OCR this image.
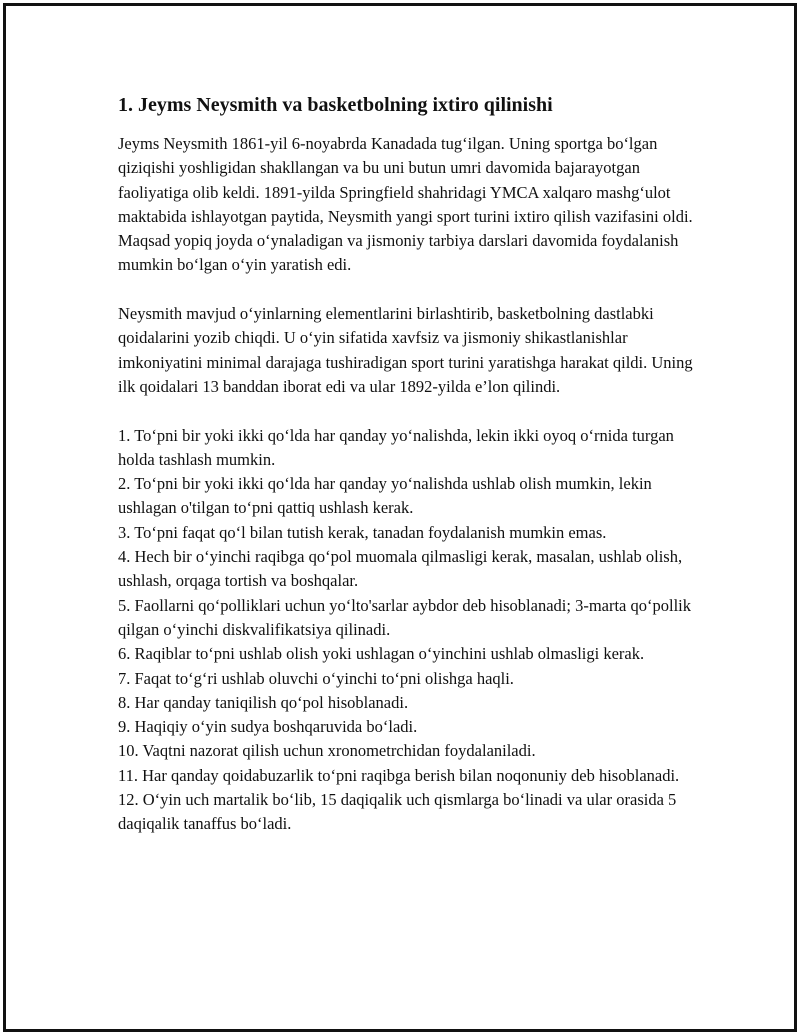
1. Jeyms Neysmith va basketbolning ixtiro qilinishi

Jeyms Neysmith 1861-yil 6-noyabrda Kanadada tug‘ilgan. Uning sportga bo‘lgan qiziqishi yoshligidan shakllangan va bu uni butun umri davomida bajarayotgan faoliyatiga olib keldi. 1891-yilda Springfield shahridagi YMCA xalqaro mashg‘ulot maktabida ishlayotgan paytida, Neysmith yangi sport turini ixtiro qilish vazifasini oldi. Maqsad yopiq joyda o‘ynaladigan va jismoniy tarbiya darslari davomida foydalanish mumkin bo‘lgan o‘yin yaratish edi.

Neysmith mavjud o‘yinlarning elementlarini birlashtirib, basketbolning dastlabki qoidalarini yozib chiqdi. U o‘yin sifatida xavfsiz va jismoniy shikastlanishlar imkoniyatini minimal darajaga tushiradigan sport turini yaratishga harakat qildi. Uning ilk qoidalari 13 banddan iborat edi va ular 1892-yilda e’lon qilindi.

1. To‘pni bir yoki ikki qo‘lda har qanday yo‘nalishda, lekin ikki oyoq o‘rnida turgan holda tashlash mumkin.
2. To‘pni bir yoki ikki qo‘lda har qanday yo‘nalishda ushlab olish mumkin, lekin ushlagan o'tilgan to‘pni qattiq ushlash kerak.
3. To‘pni faqat qo‘l bilan tutish kerak, tanadan foydalanish mumkin emas.
4. Hech bir o‘yinchi raqibga qo‘pol muomala qilmasligi kerak, masalan, ushlab olish, ushlash, orqaga tortish va boshqalar.
5. Faollarni qo‘polliklari uchun yo‘lto'sarlar aybdor deb hisoblanadi; 3-marta qo‘pollik qilgan o‘yinchi diskvalifikatsiya qilinadi.
6. Raqiblar to‘pni ushlab olish yoki ushlagan o‘yinchini ushlab olmasligi kerak.
7. Faqat to‘g‘ri ushlab oluvchi o‘yinchi to‘pni olishga haqli.
8. Har qanday taniqilish qo‘pol hisoblanadi.
9. Haqiqiy o‘yin sudya boshqaruvida bo‘ladi.
10. Vaqtni nazorat qilish uchun xronometrchidan foydalaniladi.
11. Har qanday qoidabuzarlik to‘pni raqibga berish bilan noqonuniy deb hisoblanadi.
12. O‘yin uch martalik bo‘lib, 15 daqiqalik uch qismlarga bo‘linadi va ular orasida 5 daqiqalik tanaffus bo‘ladi.
